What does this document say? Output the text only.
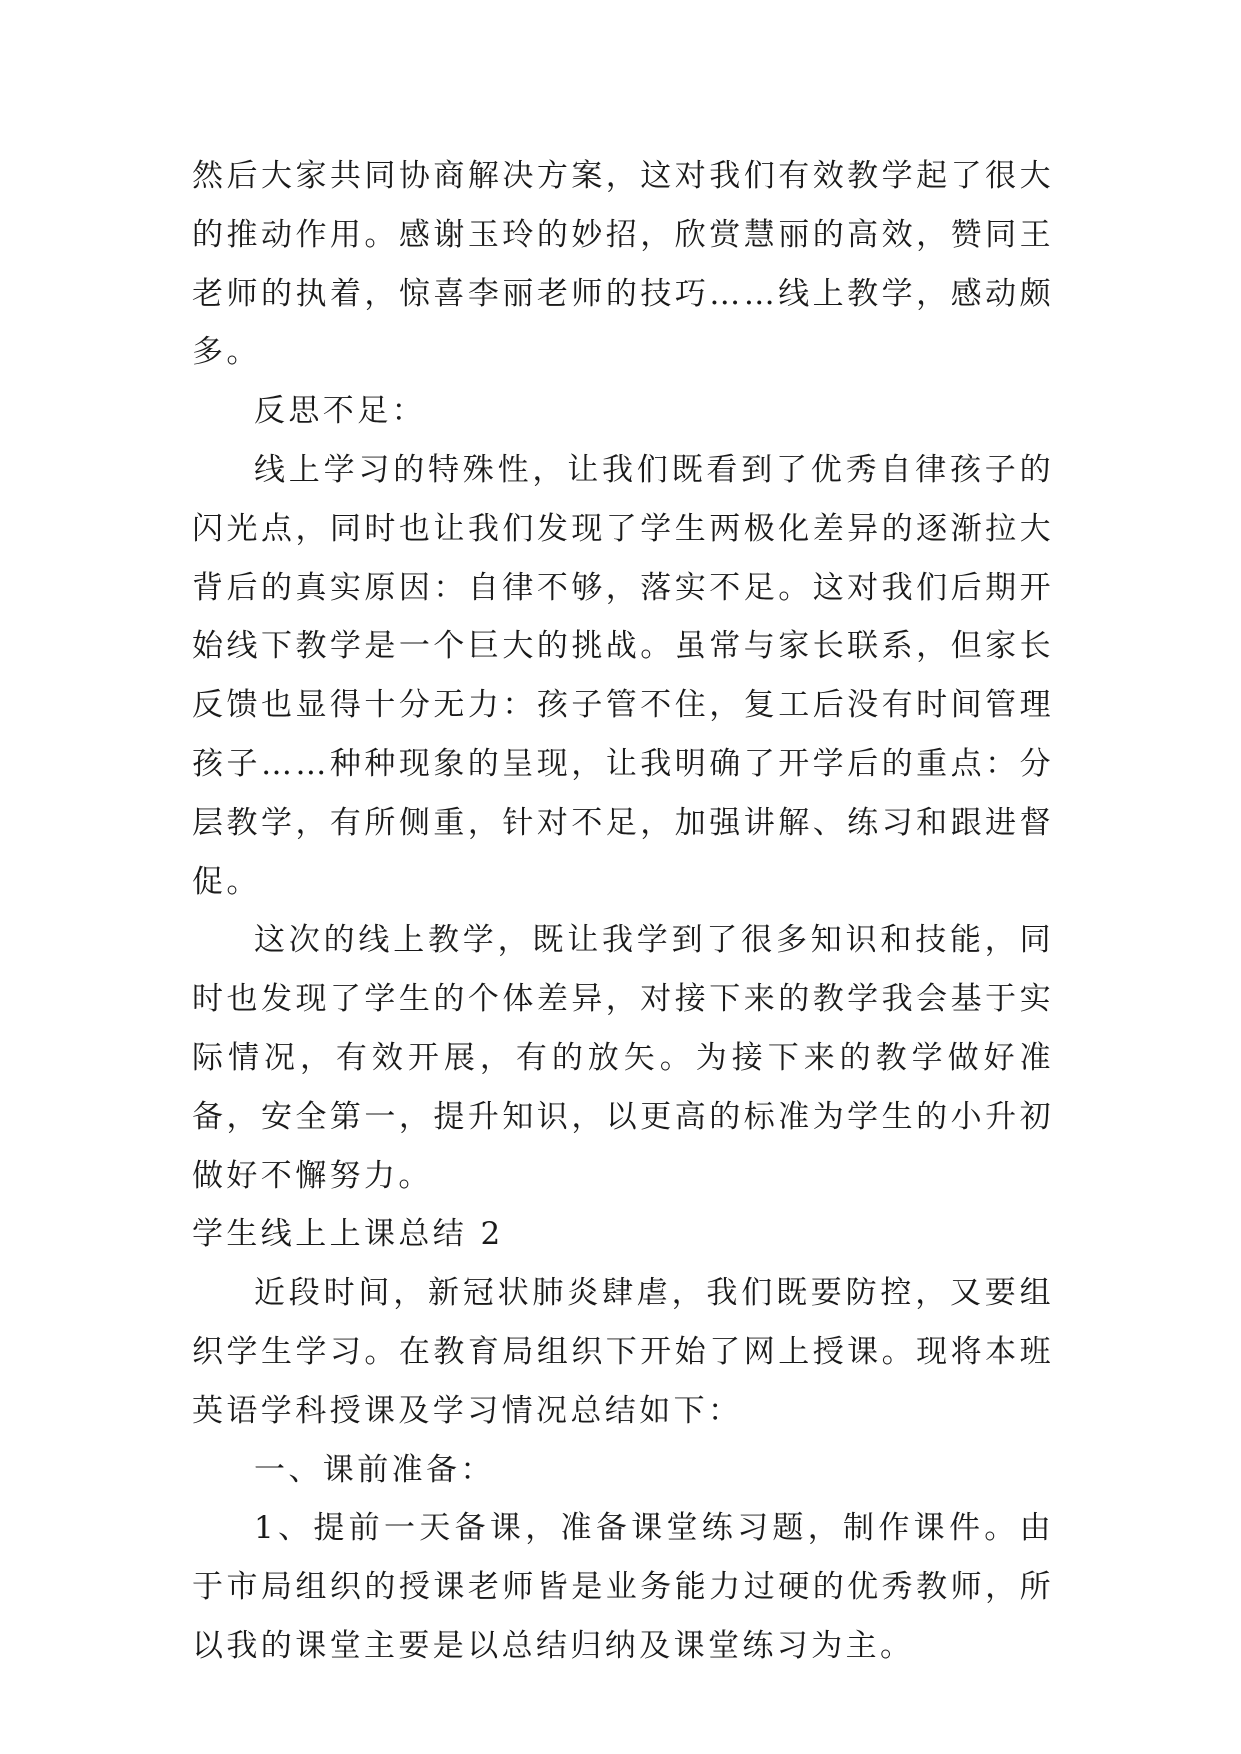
然后大家共同协商解决方案，这对我们有效教学起了很大的推动作用。感谢玉玲的妙招，欣赏慧丽的高效，赞同王老师的执着，惊喜李丽老师的技巧……线上教学，感动颇多。

反思不足：

线上学习的特殊性，让我们既看到了优秀自律孩子的闪光点，同时也让我们发现了学生两极化差异的逐渐拉大背后的真实原因：自律不够，落实不足。这对我们后期开始线下教学是一个巨大的挑战。虽常与家长联系，但家长反馈也显得十分无力：孩子管不住，复工后没有时间管理孩子……种种现象的呈现，让我明确了开学后的重点：分层教学，有所侧重，针对不足，加强讲解、练习和跟进督促。

这次的线上教学，既让我学到了很多知识和技能，同时也发现了学生的个体差异，对接下来的教学我会基于实际情况，有效开展，有的放矢。为接下来的教学做好准备，安全第一，提升知识，以更高的标准为学生的小升初做好不懈努力。

学生线上上课总结 2

近段时间，新冠状肺炎肆虐，我们既要防控，又要组织学生学习。在教育局组织下开始了网上授课。现将本班英语学科授课及学习情况总结如下：

一、课前准备：

1、提前一天备课，准备课堂练习题，制作课件。由于市局组织的授课老师皆是业务能力过硬的优秀教师，所以我的课堂主要是以总结归纳及课堂练习为主。
